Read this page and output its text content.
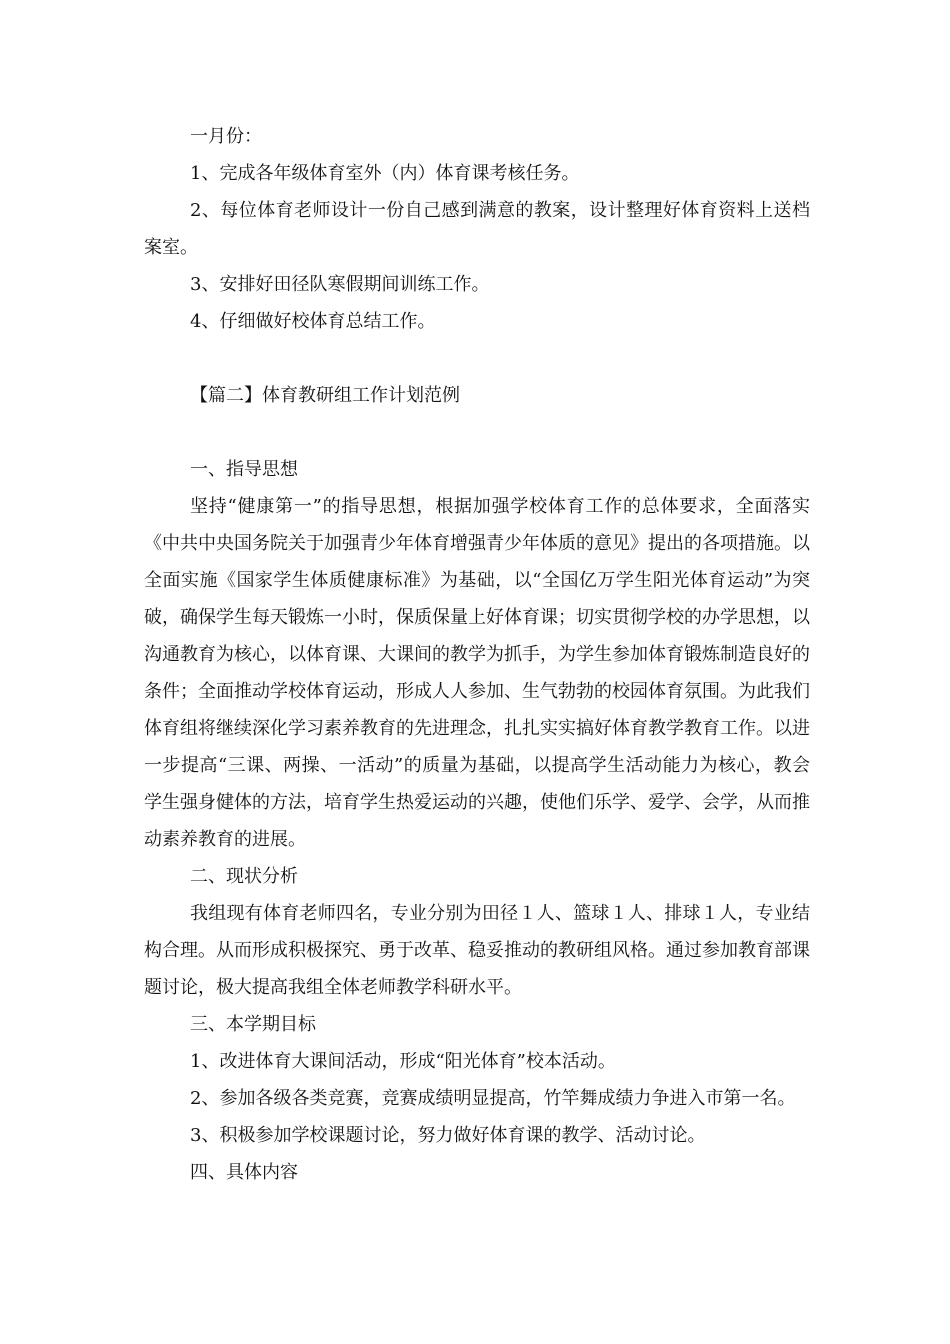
一月份：

1、完成各年级体育室外（内）体育课考核任务。

2、每位体育老师设计一份自己感到满意的教案，设计整理好体育资料上送档案室。

3、安排好田径队寒假期间训练工作。

4、仔细做好校体育总结工作。

【篇二】体育教研组工作计划范例

一、指导思想

坚持“健康第一”的指导思想，根据加强学校体育工作的总体要求，全面落实《中共中央国务院关于加强青少年体育增强青少年体质的意见》提出的各项措施。以全面实施《国家学生体质健康标准》为基础，以“全国亿万学生阳光体育运动”为突破，确保学生每天锻炼一小时，保质保量上好体育课；切实贯彻学校的办学思想，以沟通教育为核心，以体育课、大课间的教学为抓手，为学生参加体育锻炼制造良好的条件；全面推动学校体育运动，形成人人参加、生气勃勃的校园体育氛围。为此我们体育组将继续深化学习素养教育的先进理念，扎扎实实搞好体育教学教育工作。以进一步提高“三课、两操、一活动”的质量为基础，以提高学生活动能力为核心，教会学生强身健体的方法，培育学生热爱运动的兴趣，使他们乐学、爱学、会学，从而推动素养教育的进展。

二、现状分析

我组现有体育老师四名，专业分别为田径１人、篮球１人、排球１人，专业结构合理。从而形成积极探究、勇于改革、稳妥推动的教研组风格。通过参加教育部课题讨论，极大提高我组全体老师教学科研水平。

三、本学期目标

1、改进体育大课间活动，形成“阳光体育”校本活动。

2、参加各级各类竞赛，竞赛成绩明显提高，竹竿舞成绩力争进入市第一名。

3、积极参加学校课题讨论，努力做好体育课的教学、活动讨论。

四、具体内容
